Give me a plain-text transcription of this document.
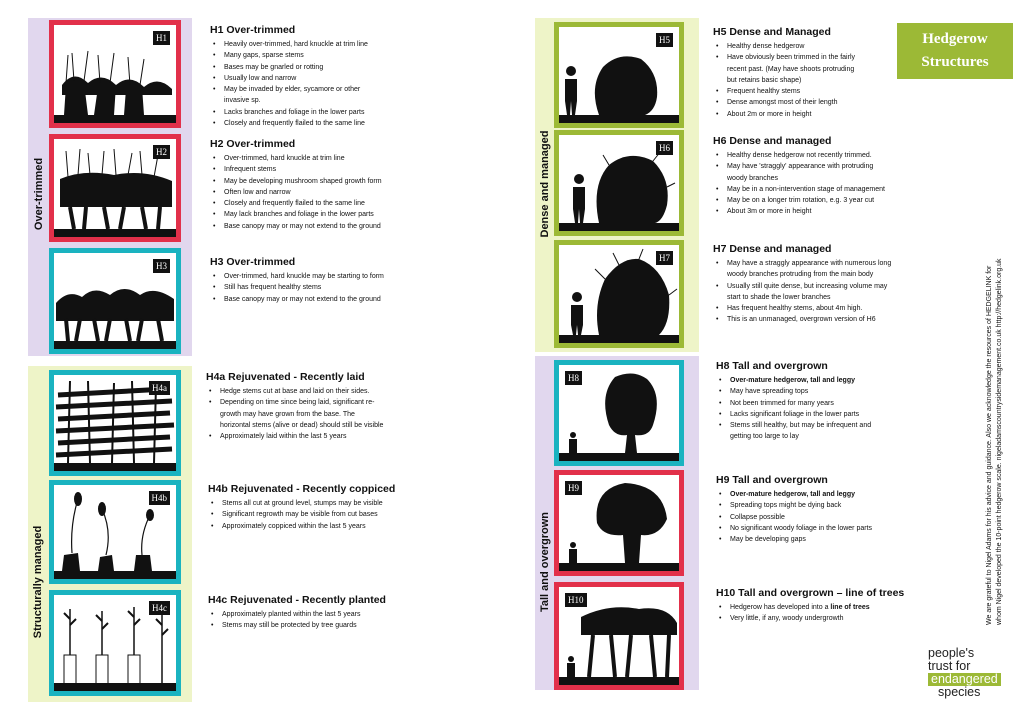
Over-trimmed
Structurally managed
Dense and managed
Tall and overgrown
H1
H2
H3
H4a
H4b
H4c
H5
H6
H7
H8
H9
H10
H1 Over-trimmed
• Heavily over-trimmed, hard knuckle at trim line
• Many gaps, sparse stems
• Bases may be gnarled or rotting
• Usually low and narrow
• May be invaded by elder, sycamore or other
invasive sp.
• Lacks branches and foliage in the lower parts
• Closely and frequently flailed to the same line
H2 Over-trimmed
• Over-trimmed, hard knuckle at trim line
• Infrequent stems
• May be developing mushroom shaped growth form
• Often low and narrow
• Closely and frequently flailed to the same line
• May lack branches and foliage in the lower parts
• Base canopy may or may not extend to the ground
H3 Over-trimmed
• Over-trimmed, hard knuckle may be starting to form
• Still has frequent healthy stems
• Base canopy may or may not extend to the ground
H4a Rejuvenated - Recently laid
• Hedge stems cut at base and laid on their sides.
• Depending on time since being laid, significant re-
growth may have grown from the base. The
horizontal stems (alive or dead) should still be visible
• Approximately laid within the last 5 years
H4b Rejuvenated - Recently coppiced
• Stems all cut at ground level, stumps may be visible
• Significant regrowth may be visible from cut bases
• Approximately coppiced within the last 5 years
H4c Rejuvenated - Recently planted
• Approximately planted within the last 5 years
• Stems may still be protected by tree guards
H5 Dense and Managed
• Healthy dense hedgerow
• Have obviously been trimmed in the fairly
recent past. (May have shoots protruding
but retains basic shape)
• Frequent healthy stems
• Dense amongst most of their length
• About 2m or more in height
H6 Dense and managed
• Healthy dense hedgerow not recently trimmed.
• May have 'straggly' appearance with protruding
woody branches
• May be in a non-intervention stage of management
• May be on a longer trim rotation, e.g. 3 year cut
• About 3m or more in height
H7 Dense and managed
• May have a straggly appearance with numerous long
woody branches protruding from the main body
• Usually still quite dense, but increasing volume may
start to shade the lower branches
• Has frequent healthy stems, about 4m high.
• This is an unmanaged, overgrown version of H6
H8 Tall and overgrown
• Over-mature hedgerow, tall and leggy
• May have spreading tops
• Not been trimmed for many years
• Lacks significant foliage in the lower parts
• Stems still healthy, but may be infrequent and
getting too large to lay
H9 Tall and overgrown
• Over-mature hedgerow, tall and leggy
• Spreading tops might be dying back
• Collapse possible
• No significant woody foliage in the lower parts
• May be developing gaps
H10 Tall and overgrown – line of trees
• Hedgerow has developed into a line of trees
• Very little, if any, woody undergrowth
Hedgerow
Structures
We are grateful to Nigel Adams for his advice and guidance. Also we acknowledge the resources of HEDGELINK for whom Nigel developed the 10-point hedgerow scale. nigeladamscountrysidemanagement.co.uk http://hedgelink.org.uk
people's
trust for
endangered
species
